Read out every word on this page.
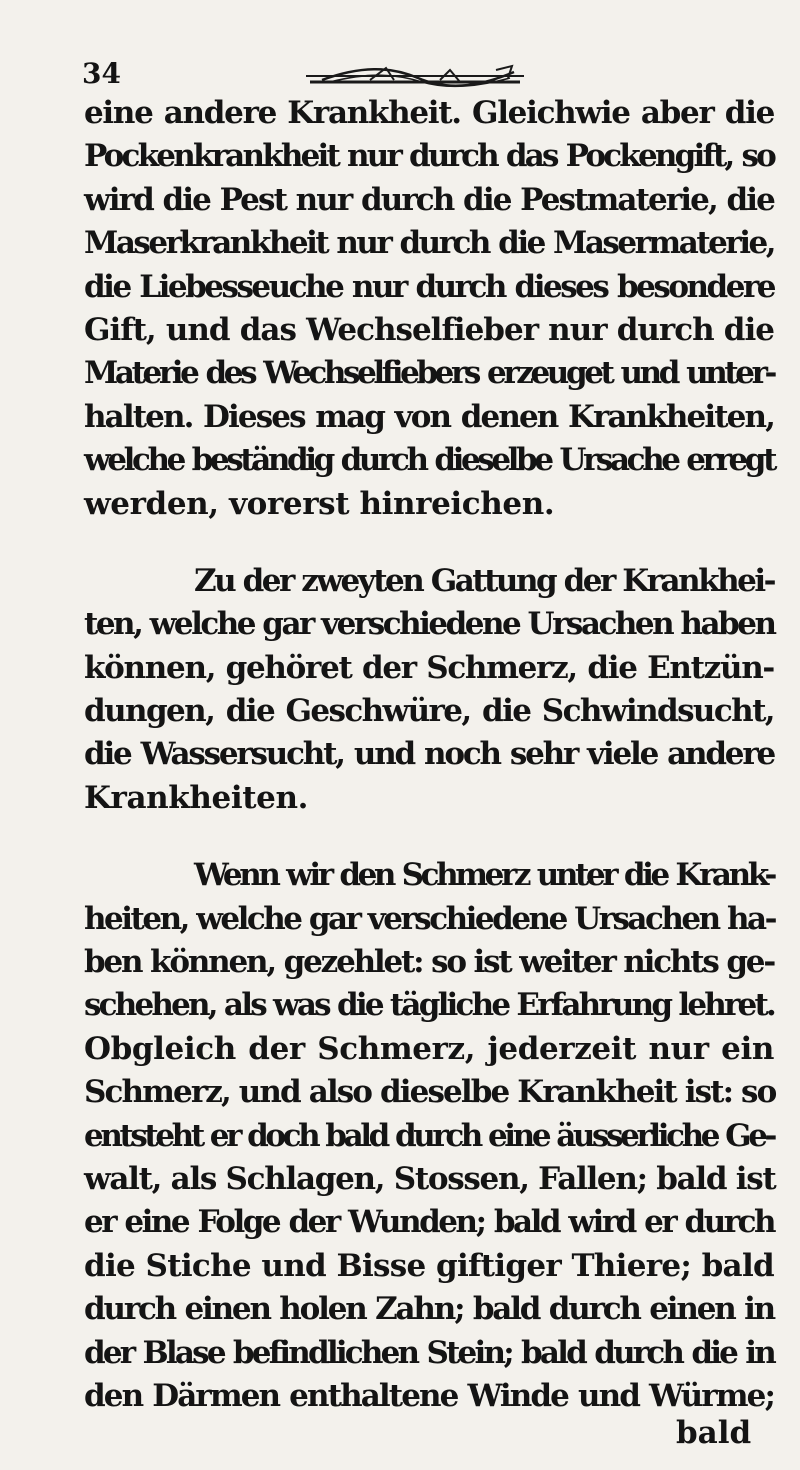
34
eine andere Krankheit. Gleichwie aber die
Pockenkrankheit nur durch das Pockengift, so
wird die Pest nur durch die Pestmaterie, die
Maserkrankheit nur durch die Masermaterie,
die Liebesseuche nur durch dieses besondere
Gift, und das Wechselfieber nur durch die
Materie des Wechselfiebers erzeuget und unter-
halten. Dieses mag von denen Krankheiten,
welche beständig durch dieselbe Ursache erregt
werden, vorerst hinreichen.
Zu der zweyten Gattung der Krankhei-
ten, welche gar verschiedene Ursachen haben
können, gehöret der Schmerz, die Entzün-
dungen, die Geschwüre, die Schwindsucht,
die Wassersucht, und noch sehr viele andere
Krankheiten.
Wenn wir den Schmerz unter die Krank-
heiten, welche gar verschiedene Ursachen ha-
ben können, gezehlet: so ist weiter nichts ge-
schehen, als was die tägliche Erfahrung lehret.
Obgleich der Schmerz, jederzeit nur ein
Schmerz, und also dieselbe Krankheit ist: so
entsteht er doch bald durch eine äusserliche Ge-
walt, als Schlagen, Stossen, Fallen; bald ist
er eine Folge der Wunden; bald wird er durch
die Stiche und Bisse giftiger Thiere; bald
durch einen holen Zahn; bald durch einen in
der Blase befindlichen Stein; bald durch die in
den Därmen enthaltene Winde und Würme;
bald
